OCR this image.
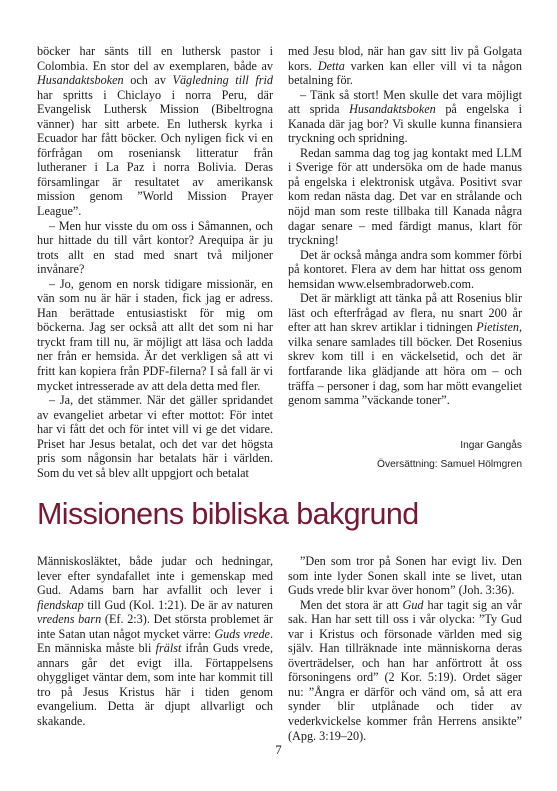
böcker har sänts till en luthersk pastor i Colombia. En stor del av exemplaren, både av Husandaktsboken och av Vägledning till frid har spritts i Chiclayo i norra Peru, där Evangelisk Luthersk Mission (Bibeltrogna vänner) har sitt arbete. En luthersk kyrka i Ecuador har fått böcker. Och nyligen fick vi en förfrågan om roseniansk litteratur från lutheraner i La Paz i norra Bolivia. Deras församlingar är resultatet av amerikansk mission genom ”World Mission Prayer League”.

– Men hur visste du om oss i Såmannen, och hur hittade du till vårt kontor? Arequipa är ju trots allt en stad med snart två miljoner invånare?

– Jo, genom en norsk tidigare missionär, en vän som nu är här i staden, fick jag er adress. Han berättade entusiastiskt för mig om böckerna. Jag ser också att allt det som ni har tryckt fram till nu, är möjligt att läsa och ladda ner från er hemsida. Är det verkligen så att vi fritt kan kopiera från PDF-filerna? I så fall är vi mycket intresserade av att dela detta med fler.

– Ja, det stämmer. När det gäller spridandet av evangeliet arbetar vi efter mottot: För intet har vi fått det och för intet vill vi ge det vidare. Priset har Jesus betalat, och det var det högsta pris som någonsin har betalats här i världen. Som du vet så blev allt uppgjort och betalat

med Jesu blod, när han gav sitt liv på Golgata kors. Detta varken kan eller vill vi ta någon betalning för.

– Tänk så stort! Men skulle det vara möjligt att sprida Husandaktsboken på engelska i Kanada där jag bor? Vi skulle kunna finansiera tryckning och spridning.

Redan samma dag tog jag kontakt med LLM i Sverige för att undersöka om de hade manus på engelska i elektronisk utgåva. Positivt svar kom redan nästa dag. Det var en strålande och nöjd man som reste tillbaka till Kanada några dagar senare – med färdigt manus, klart för tryckning!

Det är också många andra som kommer förbi på kontoret. Flera av dem har hittat oss genom hemsidan www.elsembradorweb.com.

Det är märkligt att tänka på att Rosenius blir läst och efterfrågad av flera, nu snart 200 år efter att han skrev artiklar i tidningen Pietisten, vilka senare samlades till böcker. Det Rosenius skrev kom till i en väckelsetid, och det är fortfarande lika glädjande att höra om – och träffa – personer i dag, som har mött evangeliet genom samma ”väckande toner”.

Ingar Gangås
Översättning: Samuel Hölmgren
Missionens bibliska bakgrund

Människosläktet, både judar och hedningar, lever efter syndafallet inte i gemenskap med Gud. Adams barn har avfallit och lever i fiendskap till Gud (Kol. 1:21). De är av naturen vredens barn (Ef. 2:3). Det största problemet är inte Satan utan något mycket värre: Guds vrede. En människa måste bli frälst ifrån Guds vrede, annars går det evigt illa. Förtappelsens ohyggliget väntar dem, som inte har kommit till tro på Jesus Kristus här i tiden genom evangelium. Detta är djupt allvarligt och skakande.

”Den som tror på Sonen har evigt liv. Den som inte lyder Sonen skall inte se livet, utan Guds vrede blir kvar över honom” (Joh. 3:36).

Men det stora är att Gud har tagit sig an vår sak. Han har sett till oss i vår olycka: ”Ty Gud var i Kristus och försonade världen med sig själv. Han tillräknade inte människorna deras överträdelser, och han har anförtrott åt oss försoningens ord” (2 Kor. 5:19). Ordet säger nu: ”Ångra er därför och vänd om, så att era synder blir utplånade och tider av vederkvickelse kommer från Herrens ansikte” (Apg. 3:19–20).

7
